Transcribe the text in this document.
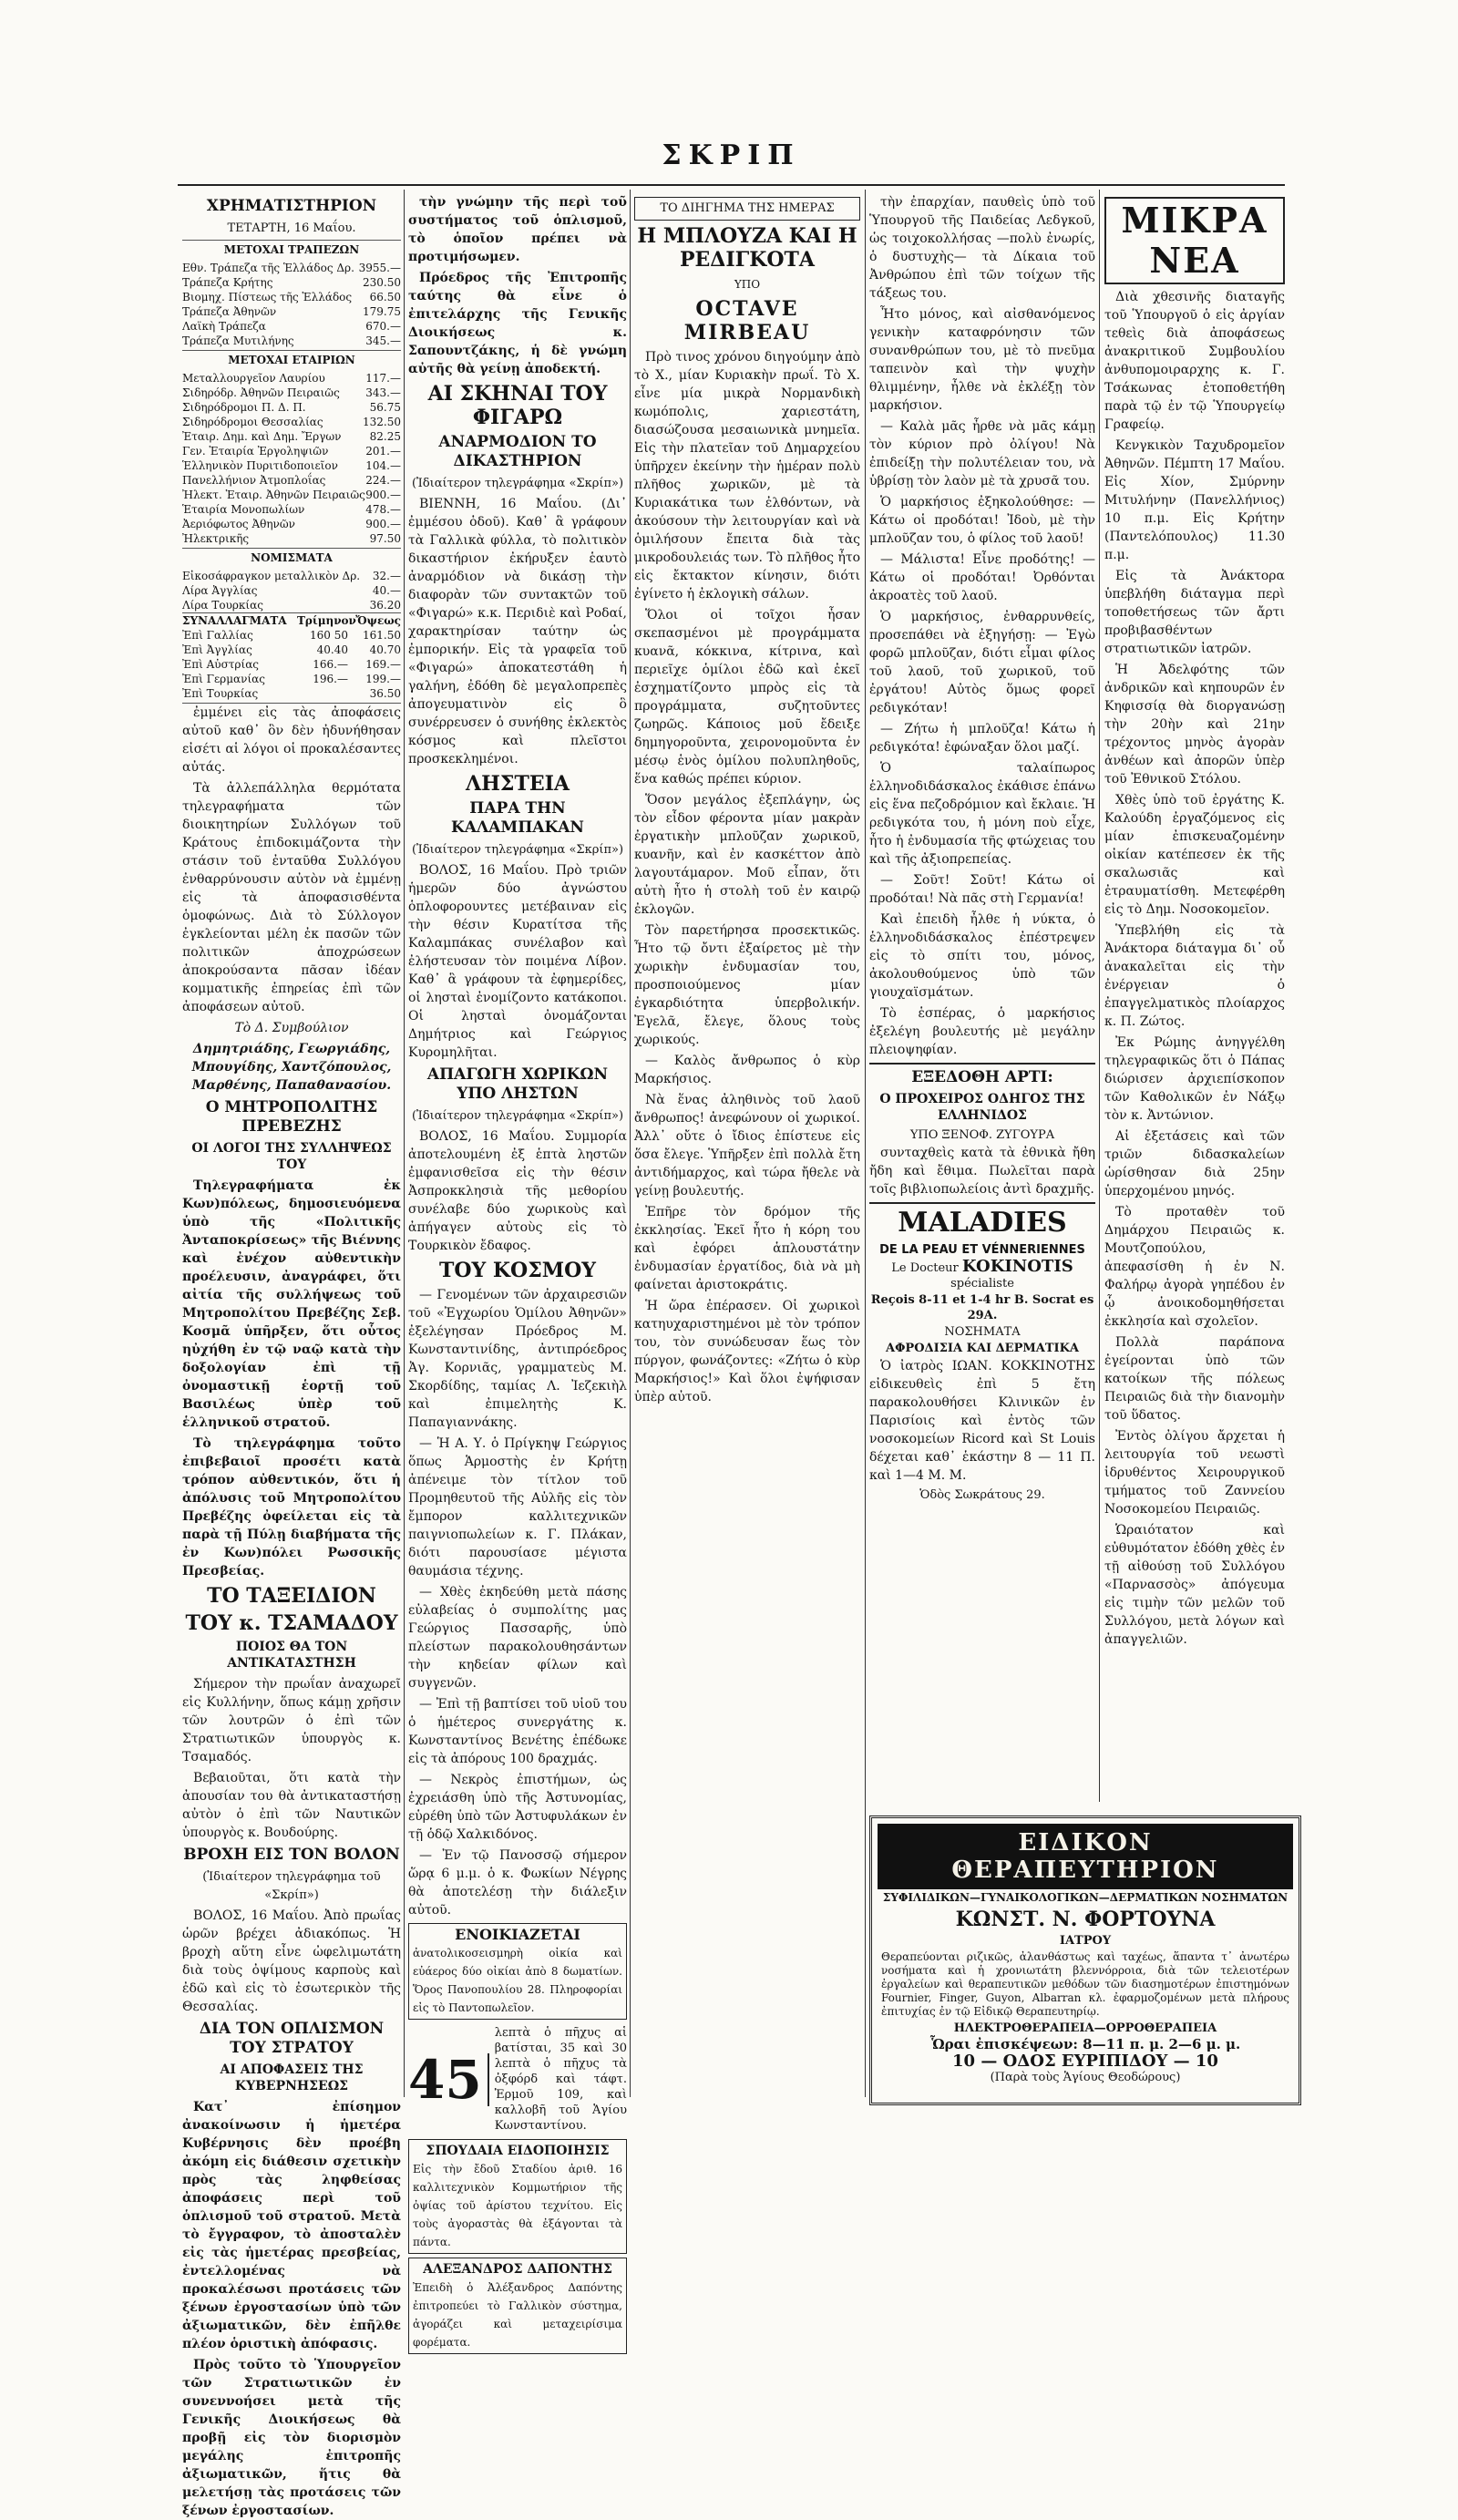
ΣΚΡΙΠ
ΧΡΗΜΑΤΙΣΤΗΡΙΟΝ
ΤΕΤΑΡΤΗ, 16 Μαΐου.
ΜΕΤΟΧΑΙ ΤΡΑΠΕΖΩΝ
Εθν. Τράπεζα τῆς Ἑλλάδος Δρ. 3955.—
Τράπεζα Κρήτης	230.50
Βιομηχ. Πίστεως τῆς Ἑλλάδος	66.50
Τράπεζα Ἀθηνῶν	179.75
Λαϊκὴ Τράπεζα	670.—
Τράπεζα Μυτιλήνης	345.—
ΜΕΤΟΧΑΙ ΕΤΑΙΡΙΩΝ
Μεταλλουργεῖον Λαυρίου	117.—
Σιδηρόδρ. Ἀθηνῶν Πειραιῶς	343.—
Σιδηρόδρομοι Π. Δ. Π.	56.75
Σιδηρόδρομοι Θεσσαλίας	132.50
Ἐταιρ. Δημ. καὶ Δημ. Ἔργων	82.25
Γεν. Ἑταιρία Ἐργοληψιῶν	201.—
Ἑλληνικὸν Πυριτιδοποιεῖον	104.—
Πανελλήνιον Ἀτμοπλοΐας	224.—
Ἠλεκτ. Ἑταιρ. Ἀθηνῶν Πειραιῶς 900.—
Ἑταιρία Μονοπωλίων	478.—
Ἀεριόφωτος Ἀθηνῶν	900.—
Ἠλεκτρικῆς	97.50
ΝΟΜΙΣΜΑΤΑ
Εἰκοσάφραγκον μεταλλικὸν Δρ.	32.—
Λίρα Ἀγγλίας	40.—
Λίρα Τουρκίας	36.20
ΣΥΝΑΛΛΑΓΜΑΤΑ Τρίμηνον Ὄψεως
Ἐπὶ Γαλλίας	160 50	161.50
Ἐπὶ Ἀγγλίας	40.40	40.70
Ἐπὶ Αὐστρίας	166.—	169.—
Ἐπὶ Γερμανίας	196.—	199.—
Ἐπὶ Τουρκίας	36.50

ἐμμένει εἰς τὰς ἀποφάσεις αὐτοῦ καθ᾽ ὃν δὲν ἠδυνήθησαν εἰσέτι αἱ λόγοι οἱ προκαλέσαντες αὐτάς.

Τὰ ἀλλεπάλληλα θερμότατα τηλεγραφήματα τῶν διοικητηρίων Συλλόγων τοῦ Κράτους ἐπιδοκιμάζοντα τὴν στάσιν τοῦ ἐνταῦθα Συλλόγου ἐνθαρρύνουσιν αὐτὸν νὰ ἐμμένῃ εἰς τὰ ἀποφασισθέντα ὁμοφώνως. Διὰ τὸ Σύλλογον ἐγκλείονται μέλη ἐκ πασῶν τῶν πολιτικῶν ἀποχρώσεων ἀποκρούσαντα πᾶσαν ἰδέαν κομματικῆς ἐπηρείας ἐπὶ τῶν ἀποφάσεων αὐτοῦ.

Τὸ Δ. Συμβούλιον
Δημητριάδης, Γεωργιάδης, Μπουγίδης, Χαντζόπουλος, Μαρθένης, Παπαθανασίου.
Ο ΜΗΤΡΟΠΟΛΙΤΗΣ ΠΡΕΒΕΖΗΣ
ΟΙ ΛΟΓΟΙ ΤΗΣ ΣΥΛΛΗΨΕΩΣ ΤΟΥ

Τηλεγραφήματα ἐκ Κων)πόλεως, δημοσιευόμενα ὑπὸ τῆς «Πολιτικῆς Ἀνταποκρίσεως» τῆς Βιέννης καὶ ἐνέχον αὐθεντικὴν προέλευσιν, ἀναγράφει, ὅτι αἰτία τῆς συλλήψεως τοῦ Μητροπολίτου Πρεβέζης Σεβ. Κοσμᾶ ὑπῆρξεν, ὅτι οὗτος ηὐχήθη ἐν τῷ ναῷ κατὰ τὴν δοξολογίαν ἐπὶ τῇ ὀνομαστικῇ ἑορτῇ τοῦ Βασιλέως ὑπὲρ τοῦ ἑλληνικοῦ στρατοῦ.

Τὸ τηλεγράφημα τοῦτο ἐπιβεβαιοῖ προσέτι κατὰ τρόπον αὐθεντικόν, ὅτι ἡ ἀπόλυσις τοῦ Μητροπολίτου Πρεβέζης ὀφείλεται εἰς τὰ παρὰ τῇ Πύλῃ διαβήματα τῆς ἐν Κων)πόλει Ρωσσικῆς Πρεσβείας.

ΤΟ ΤΑΞΕΙΔΙΟΝ
ΤΟΥ κ. ΤΣΑΜΑΔΟΥ
ΠΟΙΟΣ ΘΑ ΤΟΝ ΑΝΤΙΚΑΤΑΣΤΗΣΗ

Σήμερον τὴν πρωΐαν ἀναχωρεῖ εἰς Κυλλήνην, ὅπως κάμῃ χρῆσιν τῶν λουτρῶν ὁ ἐπὶ τῶν Στρατιωτικῶν ὑπουργὸς κ. Τσαμαδός.

Βεβαιοῦται, ὅτι κατὰ τὴν ἀπουσίαν του θὰ ἀντικαταστήσῃ αὐτὸν ὁ ἐπὶ τῶν Ναυτικῶν ὑπουργὸς κ. Βουδούρης.

ΒΡΟΧΗ ΕΙΣ ΤΟΝ ΒΟΛΟΝ
(Ἰδιαίτερον τηλεγράφημα τοῦ «Σκρίπ»)

ΒΟΛΟΣ, 16 Μαΐου. Ἀπὸ πρωΐας ὡρῶν βρέχει ἀδιακόπως. Ἡ βροχὴ αὕτη εἶνε ὠφελιμωτάτη διὰ τοὺς ὀψίμους καρποὺς καὶ ἐδῶ καὶ εἰς τὸ ἐσωτερικὸν τῆς Θεσσαλίας.

ΔΙΑ ΤΟΝ ΟΠΛΙΣΜΟΝ ΤΟΥ ΣΤΡΑΤΟΥ
ΑΙ ΑΠΟΦΑΣΕΙΣ ΤΗΣ ΚΥΒΕΡΝΗΣΕΩΣ

Κατ᾽ ἐπίσημον ἀνακοίνωσιν ἡ ἡμετέρα Κυβέρνησις δὲν προέβη ἀκόμη εἰς διάθεσιν σχετικὴν πρὸς τὰς ληφθείσας ἀποφάσεις περὶ τοῦ ὁπλισμοῦ τοῦ στρατοῦ. Μετὰ τὸ ἔγγραφον, τὸ ἀποσταλὲν εἰς τὰς ἡμετέρας πρεσβείας, ἐντελλομένας νὰ προκαλέσωσι προτάσεις τῶν ξένων ἐργοστασίων ὑπὸ τῶν ἀξιωματικῶν, δὲν ἐπῆλθε πλέον ὁριστικὴ ἀπόφασις.

Πρὸς τοῦτο τὸ Ὑπουργεῖον τῶν Στρατιωτικῶν ἐν συνεννοήσει μετὰ τῆς Γενικῆς Διοικήσεως θὰ προβῇ εἰς τὸν διορισμὸν μεγάλης ἐπιτροπῆς ἀξιωματικῶν, ἥτις θὰ μελετήσῃ τὰς προτάσεις τῶν ξένων ἐργοστασίων.

τὴν γνώμην τῆς περὶ τοῦ συστήματος τοῦ ὁπλισμοῦ, τὸ ὁποῖον πρέπει νὰ προτιμήσωμεν.

Πρόεδρος τῆς Ἐπιτροπῆς ταύτης θὰ εἶνε ὁ ἐπιτελάρχης τῆς Γενικῆς Διοικήσεως κ. Σαπουντζάκης, ἡ δὲ γνώμη αὐτῆς θὰ γείνῃ ἀποδεκτή.

ΑΙ ΣΚΗΝΑΙ ΤΟΥ ΦΙΓΑΡΩ
ΑΝΑΡΜΟΔΙΟΝ ΤΟ ΔΙΚΑΣΤΗΡΙΟΝ
(Ἰδιαίτερον τηλεγράφημα «Σκρίπ»)

ΒΙΕΝΝΗ, 16 Μαΐου. (Δι᾽ ἐμμέσου ὁδοῦ). Καθ᾽ ἃ γράφουν τὰ Γαλλικὰ φύλλα, τὸ πολιτικὸν δικαστήριον ἐκήρυξεν ἑαυτὸ ἀναρμόδιον νὰ δικάσῃ τὴν διαφορὰν τῶν συντακτῶν τοῦ «Φιγαρώ» κ.κ. Περιδιὲ καὶ Ροδαί, χαρακτηρίσαν ταύτην ὡς ἐμπορικήν. Εἰς τὰ γραφεῖα τοῦ «Φιγαρώ» ἀποκατεστάθη ἡ γαλήνη, ἐδόθη δὲ μεγαλοπρεπὲς ἀπογευματινὸν εἰς ὃ συνέρρευσεν ὁ συνήθης ἐκλεκτὸς κόσμος καὶ πλεῖστοι προσκεκλημένοι.

ΛΗΣΤΕΙΑ
ΠΑΡΑ ΤΗΝ ΚΑΛΑΜΠΑΚΑΝ
(Ἰδιαίτερον τηλεγράφημα «Σκρίπ»)

ΒΟΛΟΣ, 16 Μαΐου. Πρὸ τριῶν ἡμερῶν δύο ἀγνώστου ὁπλοφορουντες μετέβαιναν εἰς τὴν θέσιν Κυρατίτσα τῆς Καλαμπάκας συνέλαβον καὶ ἐλήστευσαν τὸν ποιμένα Λίβον. Καθ᾽ ἃ γράφουν τὰ ἐφημερίδες, οἱ λησταὶ ἐνομίζοντο κατάκοποι. Οἱ λησταὶ ὀνομάζονται Δημήτριος καὶ Γεώργιος Κυρομηλῆται.

ΑΠΑΓΩΓΗ ΧΩΡΙΚΩΝ ΥΠΟ ΛΗΣΤΩΝ
(Ἰδιαίτερον τηλεγράφημα «Σκρίπ»)

ΒΟΛΟΣ, 16 Μαΐου. Συμμορία ἀποτελουμένη ἐξ ἑπτὰ ληστῶν ἐμφανισθεῖσα εἰς τὴν θέσιν Ἀσπροκκλησιὰ τῆς μεθορίου συνέλαβε δύο χωρικοὺς καὶ ἀπήγαγεν αὐτοὺς εἰς τὸ Τουρκικὸν ἔδαφος.

ΤΟΥ ΚΟΣΜΟΥ

— Γενομένων τῶν ἀρχαιρεσιῶν τοῦ «Ἐγχωρίου Ὁμίλου Ἀθηνῶν» ἐξελέγησαν Πρόεδρος Μ. Κωνσταντινίδης, ἀντιπρόεδρος Ἀγ. Κορνιᾶς, γραμματεὺς Μ. Σκορδίδης, ταμίας Λ. Ἰεζεκιὴλ καὶ ἐπιμελητὴς Κ. Παπαγιαννάκης.

— Ἡ Α. Υ. ὁ Πρίγκηψ Γεώργιος ὅπως Ἁρμοστὴς ἐν Κρήτῃ ἀπένειμε τὸν τίτλον τοῦ Προμηθευτοῦ τῆς Αὐλῆς εἰς τὸν ἔμπορον καλλιτεχνικῶν παιγνιοπωλείων κ. Γ. Πλάκαν, διότι παρουσίασε μέγιστα θαυμάσια τέχνης.

— Χθὲς ἐκηδεύθη μετὰ πάσης εὐλαβείας ὁ συμπολίτης μας Γεώργιος Πασσαρῆς, ὑπὸ πλείστων παρακολουθησάντων τὴν κηδείαν φίλων καὶ συγγενῶν.

— Ἐπὶ τῇ βαπτίσει τοῦ υἱοῦ του ὁ ἡμέτερος συνεργάτης κ. Κωνσταντίνος Βενέτης ἐπέδωκε εἰς τὰ ἀπόρους 100 δραχμάς.

— Νεκρὸς ἐπιστήμων, ὡς ἐχρειάσθη ὑπὸ τῆς Ἀστυνομίας, εὑρέθη ὑπὸ τῶν Ἀστυφυλάκων ἐν τῇ ὁδῷ Χαλκιδόνος.

— Ἐν τῷ Πανοσσῷ σήμερον ὥρᾳ 6 μ.μ. ὁ κ. Φωκίων Νέγρης θὰ ἀποτελέσῃ τὴν διάλεξιν αὐτοῦ.

ΕΝΟΙΚΙΑΖΕΤΑΙ
ἀνατολικοσεισμηρὴ οἰκία καὶ εὐάερος δύο οἰκίαι ἀπὸ 8 δωματίων. Ὅρος Πανοπουλίου 28. Πληροφορίαι εἰς τὸ Παντοπωλεῖον.
45
λεπτὰ ὁ πῆχυς αἱ βατίσται, 35 καὶ 30 λεπτὰ ὁ πῆχυς τὰ ὀξφόρδ καὶ τάφτ. Ἑρμοῦ 109, καὶ καλλοβῆ τοῦ Ἁγίου Κωνσταντίνου.
ΣΠΟΥΔΑΙΑ ΕΙΔΟΠΟΙΗΣΙΣ
Εἰς τὴν ἔδοῦ Σταδίου ἀριθ. 16 καλλιτεχνικὸν Κομμωτήριον τῆς ὀψίας τοῦ ἀρίστου τεχνίτου. Εἰς τοὺς ἀγοραστὰς θὰ ἐξάγονται τὰ πάντα.
ΑΛΕΞΑΝΔΡΟΣ ΔΑΠΟΝΤΗΣ
Ἐπειδὴ ὁ Ἀλέξανδρος Δαπόντης ἐπιτροπεύει τὸ Γαλλικὸν σύστημα, ἀγοράζει καὶ μεταχειρίσιμα φορέματα.
ΤΟ ΔΙΗΓΗΜΑ ΤΗΣ ΗΜΕΡΑΣ
Η ΜΠΛΟΥΖΑ ΚΑΙ Η ΡΕΔΙΓΚΟΤΑ
ΥΠΟ
OCTAVE MIRBEAU

Πρὸ τινος χρόνου διηγούμην ἀπὸ τὸ Χ., μίαν Κυριακὴν πρωΐ. Τὸ Χ. εἶνε μία μικρὰ Νορμανδικὴ κωμόπολις, χαριεστάτη, διασώζουσα μεσαιωνικὰ μνημεῖα. Εἰς τὴν πλατεῖαν τοῦ Δημαρχείου ὑπῆρχεν ἐκείνην τὴν ἡμέραν πολὺ πλῆθος χωρικῶν, μὲ τὰ Κυριακάτικα των ἐλθόντων, νὰ ἀκούσουν τὴν λειτουργίαν καὶ νὰ ὁμιλήσουν ἔπειτα διὰ τὰς μικροδουλειάς των. Τὸ πλῆθος ἦτο εἰς ἔκτακτον κίνησιν, διότι ἐγίνετο ἡ ἐκλογικὴ σάλων.

Ὅλοι οἱ τοῖχοι ἦσαν σκεπασμένοι μὲ προγράμματα κυανᾶ, κόκκινα, κίτρινα, καὶ περιεῖχε ὁμίλοι ἐδῶ καὶ ἐκεῖ ἐσχηματίζοντο μπρὸς εἰς τὰ προγράμματα, συζητοῦντες ζωηρῶς. Κάποιος μοῦ ἔδειξε δημηγοροῦντα, χειρονομοῦντα ἐν μέσῳ ἑνὸς ὁμίλου πολυπληθοῦς, ἕνα καθώς πρέπει κύριον.

Ὅσον μεγάλος ἐξεπλάγην, ὡς τὸν εἶδον φέροντα μίαν μακρὰν ἐργατικὴν μπλοῦζαν χωρικοῦ, κυανῆν, καὶ ἐν κασκέττον ἀπὸ λαγουτάμαρον. Μοῦ εἶπαν, ὅτι αὐτὴ ἦτο ἡ στολὴ τοῦ ἐν καιρῷ ἐκλογῶν.

Τὸν παρετήρησα προσεκτικῶς. Ἦτο τῷ ὄντι ἐξαίρετος μὲ τὴν χωρικὴν ἐνδυμασίαν του, προσποιούμενος μίαν ἐγκαρδιότητα ὑπερβολικήν. Ἐγελᾶ, ἔλεγε, ὅλους τοὺς χωρικούς.

— Καλὸς ἄνθρωπος ὁ κὺρ Μαρκήσιος.

Νὰ ἕνας ἀληθινὸς τοῦ λαοῦ ἄνθρωπος! ἀνεφώνουν οἱ χωρικοί. Ἀλλ᾽ οὔτε ὁ ἴδιος ἐπίστευε εἰς ὅσα ἔλεγε. Ὑπῆρξεν ἐπὶ πολλὰ ἔτη ἀντιδήμαρχος, καὶ τώρα ἤθελε νὰ γείνῃ βουλευτής.

Ἐπῆρε τὸν δρόμον τῆς ἐκκλησίας. Ἐκεῖ ἦτο ἡ κόρη του καὶ ἐφόρει ἁπλουστάτην ἐνδυμασίαν ἐργατίδος, διὰ νὰ μὴ φαίνεται ἀριστοκράτις.

Ἡ ὥρα ἐπέρασεν. Οἱ χωρικοὶ κατηυχαριστημένοι μὲ τὸν τρόπον του, τὸν συνώδευσαν ἕως τὸν πύργον, φωνάζοντες: «Ζήτω ὁ κὺρ Μαρκήσιος!» Καὶ ὅλοι ἐψήφισαν ὑπὲρ αὐτοῦ.

τὴν ἐπαρχίαν, παυθεὶς ὑπὸ τοῦ Ὑπουργοῦ τῆς Παιδείας Λεδγκοῦ, ὡς τοιχοκολλήσας —πολὺ ἐνωρίς, ὁ δυστυχὴς— τὰ Δίκαια τοῦ Ἀνθρώπου ἐπὶ τῶν τοίχων τῆς τάξεως του.

Ἦτο μόνος, καὶ αἰσθανόμενος γενικὴν καταφρόνησιν τῶν συνανθρώπων του, μὲ τὸ πνεῦμα ταπεινὸν καὶ τὴν ψυχὴν θλιμμένην, ἦλθε νὰ ἐκλέξῃ τὸν μαρκήσιον.

— Καλὰ μᾶς ἦρθε νὰ μᾶς κάμῃ τὸν κύριον πρὸ ὀλίγου! Νὰ ἐπιδείξῃ τὴν πολυτέλειαν του, νὰ ὑβρίσῃ τὸν λαὸν μὲ τὰ χρυσᾶ του.

Ὁ μαρκήσιος ἐξηκολούθησε: — Κάτω οἱ προδόται! Ἰδοὺ, μὲ τὴν μπλοῦζαν του, ὁ φίλος τοῦ λαοῦ!

— Μάλιστα! Εἶνε προδότης! — Κάτω οἱ προδόται! Ὀρθόνται ἀκροατὲς τοῦ λαοῦ.

Ὁ μαρκήσιος, ἐνθαρρυνθείς, προσεπάθει νὰ ἐξηγήσῃ: — Ἐγὼ φορῶ μπλοῦζαν, διότι εἶμαι φίλος τοῦ λαοῦ, τοῦ χωρικοῦ, τοῦ ἐργάτου! Αὐτὸς ὅμως φορεῖ ρεδιγκόταν!

— Ζήτω ἡ μπλοῦζα! Κάτω ἡ ρεδιγκότα! ἐφώναξαν ὅλοι μαζί.

Ὁ ταλαίπωρος ἑλληνοδιδάσκαλος ἐκάθισε ἐπάνω εἰς ἕνα πεζοδρόμιον καὶ ἔκλαιε. Ἡ ρεδιγκότα του, ἡ μόνη ποὺ εἶχε, ἦτο ἡ ἐνδυμασία τῆς φτώχειας του καὶ τῆς ἀξιοπρεπείας.

— Σοῦτ! Σοῦτ! Κάτω οἱ προδόται! Νὰ πᾶς στὴ Γερμανία!

Καὶ ἐπειδὴ ἦλθε ἡ νύκτα, ὁ ἑλληνοδιδάσκαλος ἐπέστρεψεν εἰς τὸ σπίτι του, μόνος, ἀκολουθούμενος ὑπὸ τῶν γιουχαϊσμάτων.

Τὸ ἑσπέρας, ὁ μαρκήσιος ἐξελέγη βουλευτής μὲ μεγάλην πλειοψηφίαν.

ΕΞΕΔΟΘΗ ΑΡΤΙ:
Ο ΠΡΟΧΕΙΡΟΣ ΟΔΗΓΟΣ ΤΗΣ ΕΛΛΗΝΙΔΟΣ
ΥΠΟ ΞΕΝΟΦ. ΖΥΓΟΥΡΑ

συνταχθεὶς κατὰ τὰ ἐθνικὰ ἤθη ἤδη καὶ ἔθιμα. Πωλεῖται παρὰ τοῖς βιβλιοπωλείοις ἀντὶ δραχμῆς.

MALADIES
DE LA PEAU ET VÉNNERIENNES
Le Docteur KOKINOTIS spécialiste
Reçois 8-11 et 1-4 hr B. Socrat es 29A.
ΝΟΣΗΜΑΤΑ
ΑΦΡΟΔΙΣΙΑ ΚΑΙ ΔΕΡΜΑΤΙΚΑ

Ὁ ἰατρὸς ΙΩΑΝ. ΚΟΚΚΙΝΟΤΗΣ εἰδικευθεὶς ἐπὶ 5 ἔτη παρακολουθήσει Κλινικῶν ἐν Παρισίοις καὶ ἐντὸς τῶν νοσοκομείων Ricord καὶ St Louis δέχεται καθ᾽ ἑκάστην 8 — 11 Π. καὶ 1—4 Μ. Μ.

Ὁδὸς Σωκράτους 29.
ΜΙΚΡΑ ΝΕΑ

Διὰ χθεσινῆς διαταγῆς τοῦ Ὑπουργοῦ ὁ εἰς ἀργίαν τεθεὶς διὰ ἀποφάσεως ἀνακριτικοῦ Συμβουλίου ἀνθυπομοιραρχης κ. Γ. Τσάκωνας ἐτοποθετήθη παρὰ τῷ ἐν τῷ Ὑπουργείῳ Γραφείῳ.

Κενγκικὸν Ταχυδρομεῖον Ἀθηνῶν. Πέμπτη 17 Μαΐου. Εἰς Χίον, Σμύρνην Μιτυλήνην (Πανελλήνιος) 10 π.μ. Εἰς Κρήτην (Παντελόπουλος) 11.30 π.μ.

Εἰς τὰ Ἀνάκτορα ὑπεβλήθη διάταγμα περὶ τοποθετήσεως τῶν ἄρτι προβιβασθέντων στρατιωτικῶν ἰατρῶν.

Ἡ Ἀδελφότης τῶν ἀνδρικῶν καὶ κηπουρῶν ἐν Κηφισσίᾳ θὰ διοργανώσῃ τὴν 20ὴν καὶ 21ην τρέχοντος μηνὸς ἀγορὰν ἀνθέων καὶ ἀπορῶν ὑπὲρ τοῦ Ἐθνικοῦ Στόλου.

Χθὲς ὑπὸ τοῦ ἐργάτης Κ. Καλούδη ἐργαζόμενος εἰς μίαν ἐπισκευαζομένην οἰκίαν κατέπεσεν ἐκ τῆς σκαλωσιᾶς καὶ ἐτραυματίσθη. Μετεφέρθη εἰς τὸ Δημ. Νοσοκομεῖον.

Ὑπεβλήθη εἰς τὰ Ἀνάκτορα διάταγμα δι᾽ οὗ ἀνακαλεῖται εἰς τὴν ἐνέργειαν ὁ ἐπαγγελματικὸς πλοίαρχος κ. Π. Ζώτος.

Ἐκ Ρώμης ἀνηγγέλθη τηλεγραφικῶς ὅτι ὁ Πάπας διώρισεν ἀρχιεπίσκοπον τῶν Καθολικῶν ἐν Νάξῳ τὸν κ. Ἀντώνιον.

Αἱ ἐξετάσεις καὶ τῶν τριῶν διδασκαλείων ὡρίσθησαν διὰ 25ην ὑπερχομένου μηνός.

Τὸ προταθὲν τοῦ Δημάρχου Πειραιῶς κ. Μουτζοπούλου, ἀπεφασίσθη ἡ ἐν Ν. Φαλήρῳ ἀγορὰ γηπέδου ἐν ᾧ ἀνοικοδομηθήσεται ἐκκλησία καὶ σχολεῖον.

Πολλὰ παράπονα ἐγείρονται ὑπὸ τῶν κατοίκων τῆς πόλεως Πειραιῶς διὰ τὴν διανομὴν τοῦ ὕδατος.

Ἐντὸς ὀλίγου ἄρχεται ἡ λειτουργία τοῦ νεωστὶ ἱδρυθέντος Χειρουργικοῦ τμήματος τοῦ Ζαννείου Νοσοκομείου Πειραιῶς.

Ὡραιότατον καὶ εὐθυμότατον ἐδόθη χθὲς ἐν τῇ αἰθούσῃ τοῦ Συλλόγου «Παρνασσὸς» ἀπόγευμα εἰς τιμὴν τῶν μελῶν τοῦ Συλλόγου, μετὰ λόγων καὶ ἀπαγγελιῶν.

ΕΙΔΙΚΟΝ ΘΕΡΑΠΕΥΤΗΡΙΟΝ
ΣΥΦΙΛΙΔΙΚΩΝ—ΓΥΝΑΙΚΟΛΟΓΙΚΩΝ—ΔΕΡΜΑΤΙΚΩΝ ΝΟΣΗΜΑΤΩΝ
ΚΩΝΣΤ. Ν. ΦΟΡΤΟΥΝΑ
ΙΑΤΡΟΥ
Θεραπεύονται ριζικῶς, ἀλανθάστως καὶ ταχέως, ἅπαντα τ᾽ ἀνωτέρω νοσήματα καὶ ἡ χρονιωτάτη βλεννόρροια, διὰ τῶν τελειοτέρων ἐργαλείων καὶ θεραπευτικῶν μεθόδων τῶν διασημοτέρων ἐπιστημόνων Fournier, Finger, Guyon, Albarran κλ. ἐφαρμοζομένων μετὰ πλήρους ἐπιτυχίας ἐν τῷ Εἰδικῷ Θεραπευτηρίῳ.
ΗΛΕΚΤΡΟΘΕΡΑΠΕΙΑ—ΟΡΡΟΘΕΡΑΠΕΙΑ
Ὧραι ἐπισκέψεων: 8—11 π. μ. 2—6 μ. μ.
10 — ΟΔΟΣ ΕΥΡΙΠΙΔΟΥ — 10
(Παρὰ τοὺς Ἁγίους Θεοδώρους)
